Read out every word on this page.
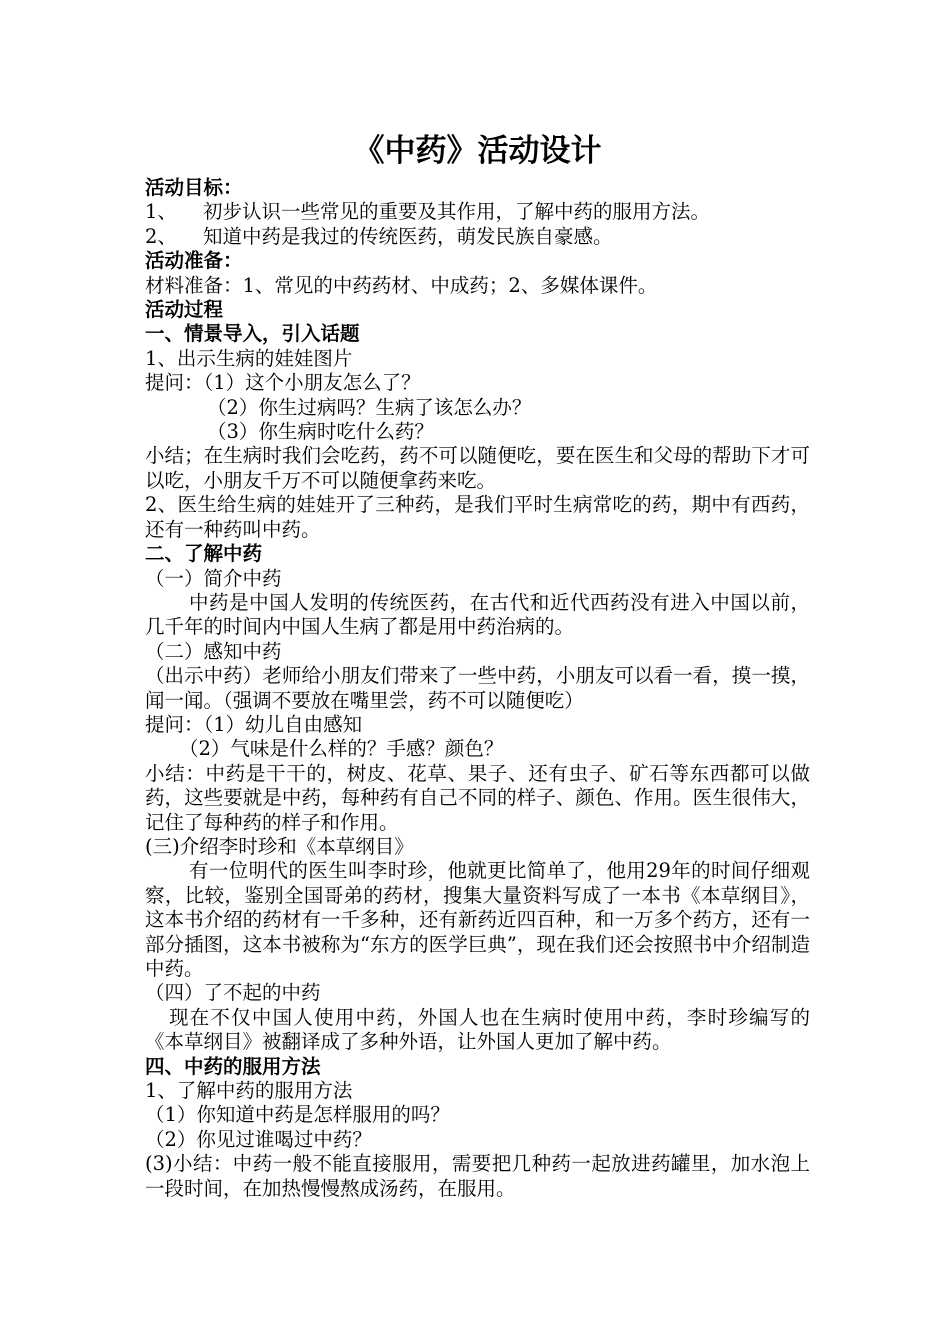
《中药》活动设计
活动目标：
1、 初步认识一些常见的重要及其作用，了解中药的服用方法。
2、 知道中药是我过的传统医药，萌发民族自豪感。
活动准备：
材料准备：1、常见的中药药材、中成药；2、多媒体课件。
活动过程
一、情景导入，引入话题
1、出示生病的娃娃图片
提问：（1）这个小朋友怎么了？
（2）你生过病吗？生病了该怎么办？
（3）你生病时吃什么药？
小结；在生病时我们会吃药，药不可以随便吃，要在医生和父母的帮助下才可以吃，小朋友千万不可以随便拿药来吃。
2、医生给生病的娃娃开了三种药，是我们平时生病常吃的药，期中有西药，还有一种药叫中药。
二、了解中药
（一）简介中药
中药是中国人发明的传统医药，在古代和近代西药没有进入中国以前，几千年的时间内中国人生病了都是用中药治病的。
（二）感知中药
（出示中药）老师给小朋友们带来了一些中药，小朋友可以看一看，摸一摸，闻一闻。（强调不要放在嘴里尝，药不可以随便吃）
提问：（1）幼儿自由感知
（2）气味是什么样的？手感？颜色？
小结：中药是干干的，树皮、花草、果子、还有虫子、矿石等东西都可以做药，这些要就是中药，每种药有自己不同的样子、颜色、作用。医生很伟大，记住了每种药的样子和作用。
(三)介绍李时珍和《本草纲目》
有一位明代的医生叫李时珍，他就更比简单了，他用29年的时间仔细观察，比较，鉴别全国哥弟的药材，搜集大量资料写成了一本书《本草纲目》，这本书介绍的药材有一千多种，还有新药近四百种，和一万多个药方，还有一部分插图，这本书被称为“东方的医学巨典”，现在我们还会按照书中介绍制造中药。
（四）了不起的中药
现在不仅中国人使用中药，外国人也在生病时使用中药，李时珍编写的《本草纲目》被翻译成了多种外语，让外国人更加了解中药。
四、中药的服用方法
1、了解中药的服用方法
（1）你知道中药是怎样服用的吗？
（2）你见过谁喝过中药？
(3)小结：中药一般不能直接服用，需要把几种药一起放进药罐里，加水泡上一段时间，在加热慢慢熬成汤药，在服用。
